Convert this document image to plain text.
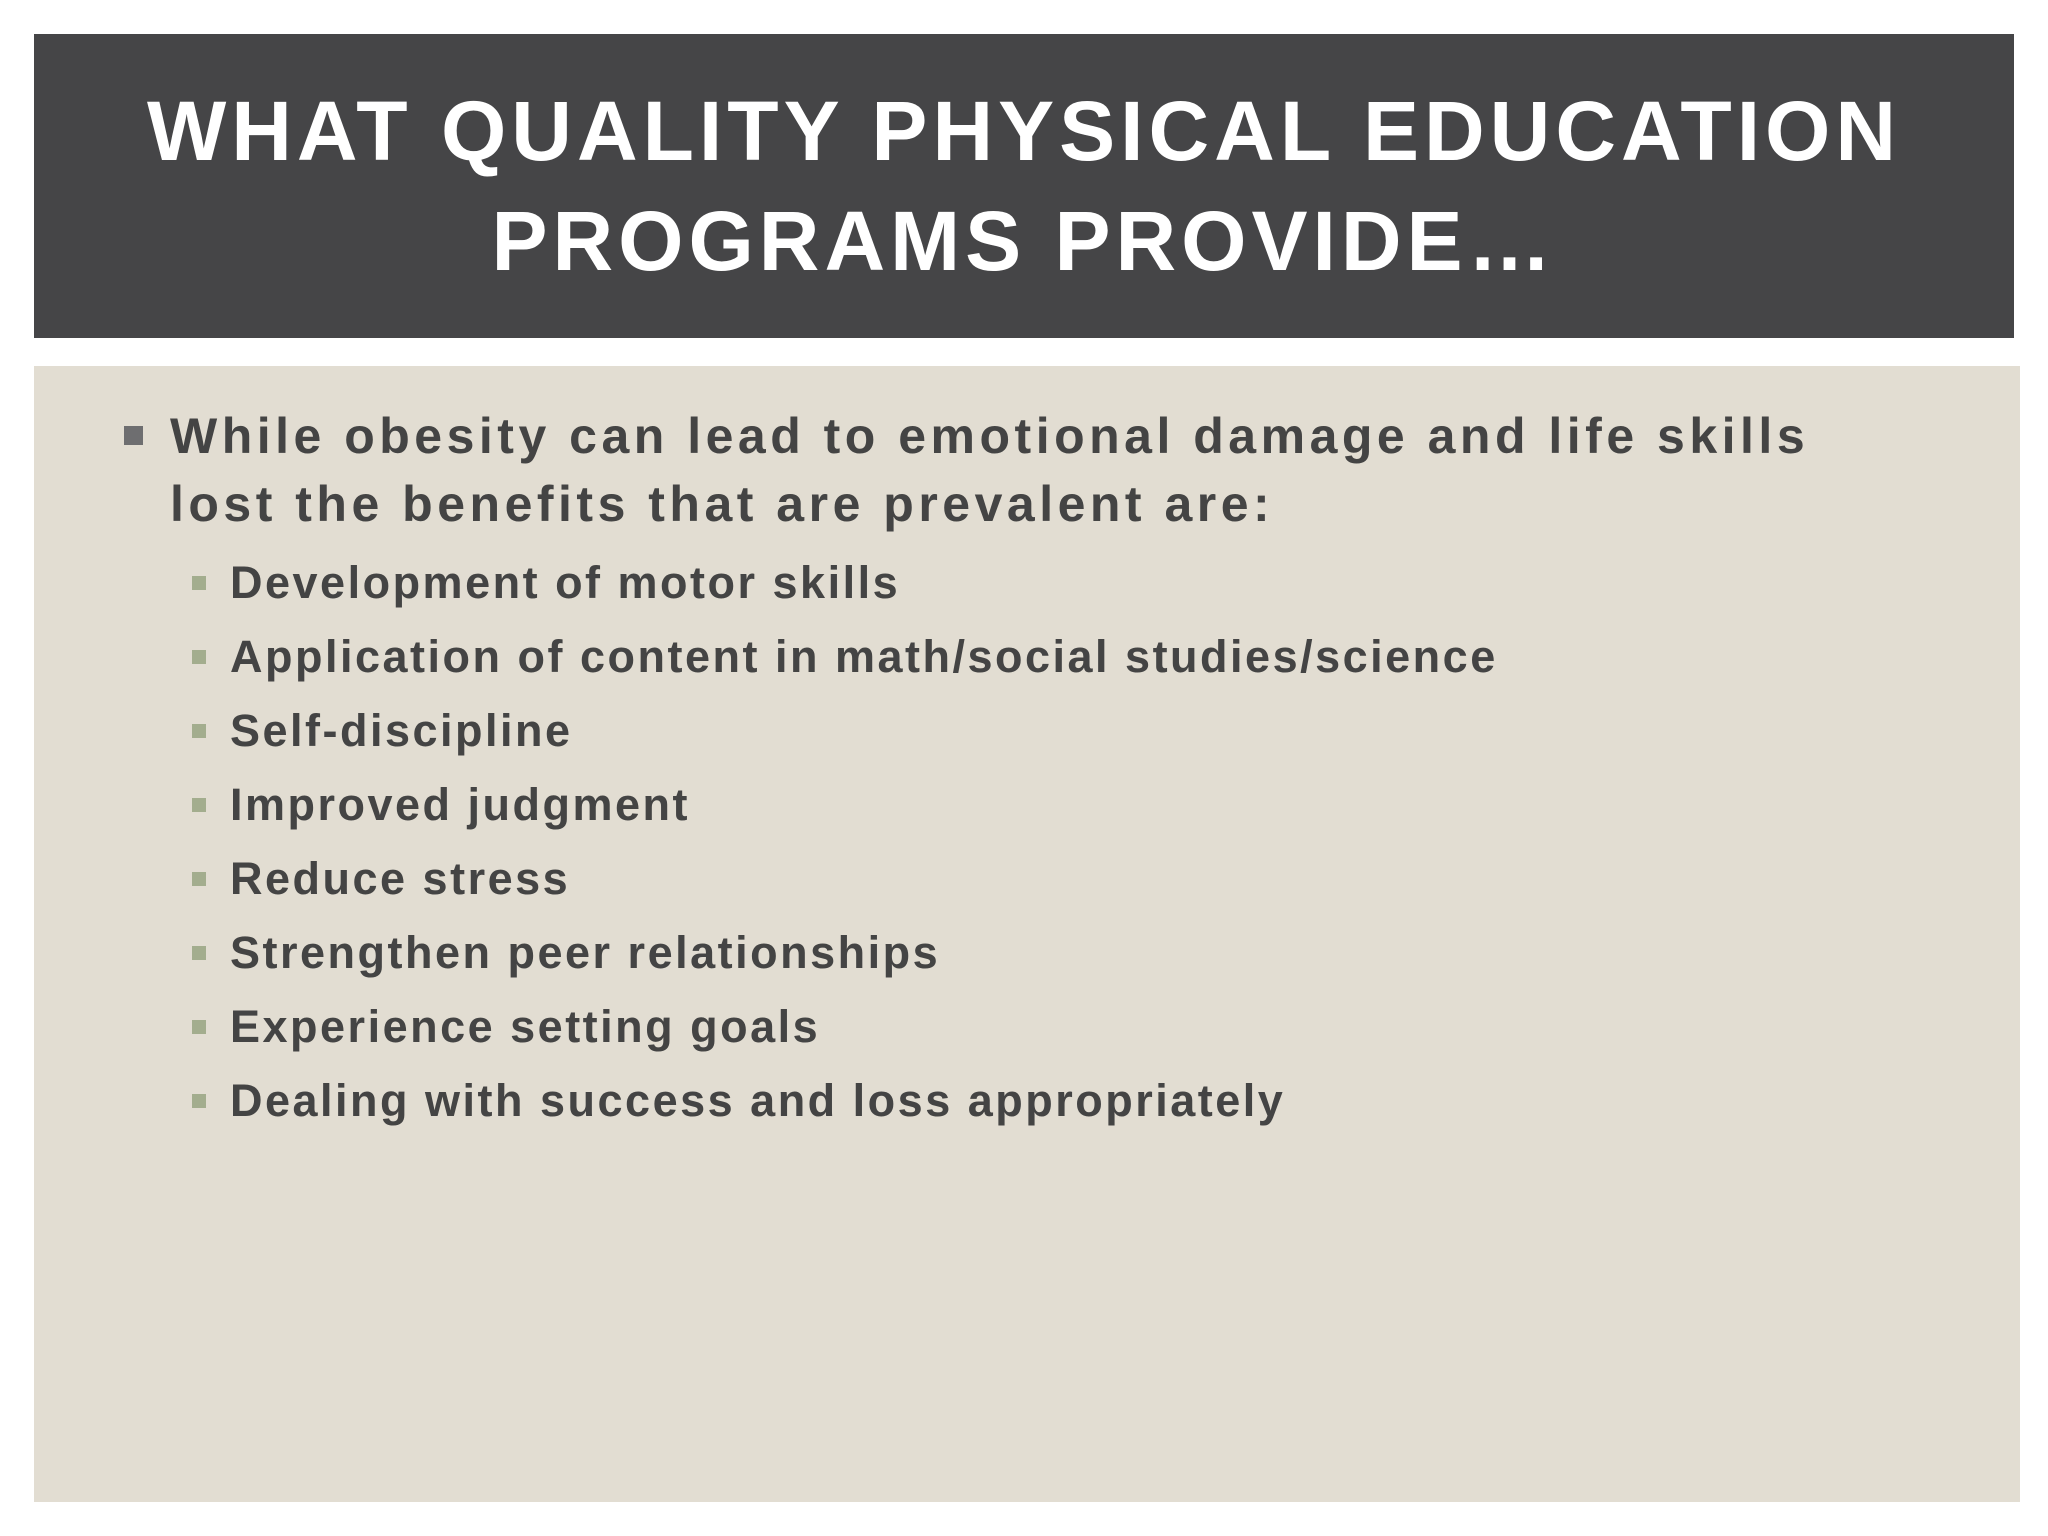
WHAT QUALITY PHYSICAL EDUCATION PROGRAMS PROVIDE…
While obesity can lead to emotional damage and life skills lost the benefits that are prevalent are:
Development of motor skills
Application of content in math/social studies/science
Self-discipline
Improved judgment
Reduce stress
Strengthen peer relationships
Experience setting goals
Dealing with success and loss appropriately
